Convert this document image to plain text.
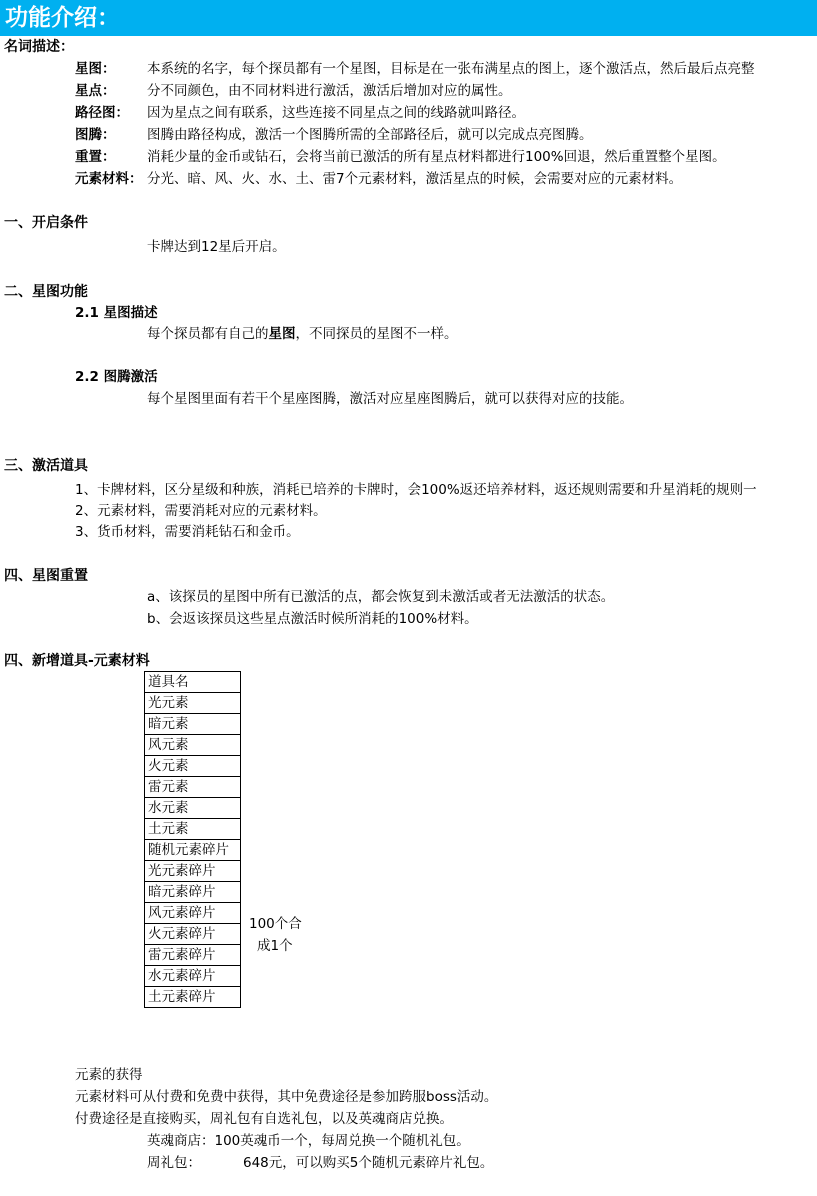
功能介绍：
名词描述：
星图： 本系统的名字，每个探员都有一个星图，目标是在一张布满星点的图上，逐个激活点，然后最后点亮整
星点： 分不同颜色，由不同材料进行激活，激活后增加对应的属性。
路径图： 因为星点之间有联系，这些连接不同星点之间的线路就叫路径。
图腾： 图腾由路径构成，激活一个图腾所需的全部路径后，就可以完成点亮图腾。
重置： 消耗少量的金币或钻石，会将当前已激活的所有星点材料都进行100%回退，然后重置整个星图。
元素材料： 分光、暗、风、火、水、土、雷7个元素材料，激活星点的时候，会需要对应的元素材料。
一、开启条件
卡牌达到12星后开启。
二、星图功能
2.1 星图描述
每个探员都有自己的星图，不同探员的星图不一样。
2.2 图腾激活
每个星图里面有若干个星座图腾，激活对应星座图腾后，就可以获得对应的技能。
三、激活道具
1、卡牌材料，区分星级和种族，消耗已培养的卡牌时，会100%返还培养材料，返还规则需要和升星消耗的规则一
2、元素材料，需要消耗对应的元素材料。
3、货币材料，需要消耗钻石和金币。
四、星图重置
a、该探员的星图中所有已激活的点，都会恢复到未激活或者无法激活的状态。
b、会返该探员这些星点激活时候所消耗的100%材料。
四、新增道具-元素材料
道具名
光元素
暗元素
风元素
火元素
雷元素
水元素
土元素
随机元素碎片
光元素碎片
暗元素碎片
风元素碎片
火元素碎片
雷元素碎片
水元素碎片
土元素碎片
100个合
成1个
元素的获得
元素材料可从付费和免费中获得，其中免费途径是参加跨服boss活动。
付费途径是直接购买，周礼包有自选礼包，以及英魂商店兑换。
英魂商店：100英魂币一个，每周兑换一个随机礼包。
周礼包：	648元，可以购买5个随机元素碎片礼包。
